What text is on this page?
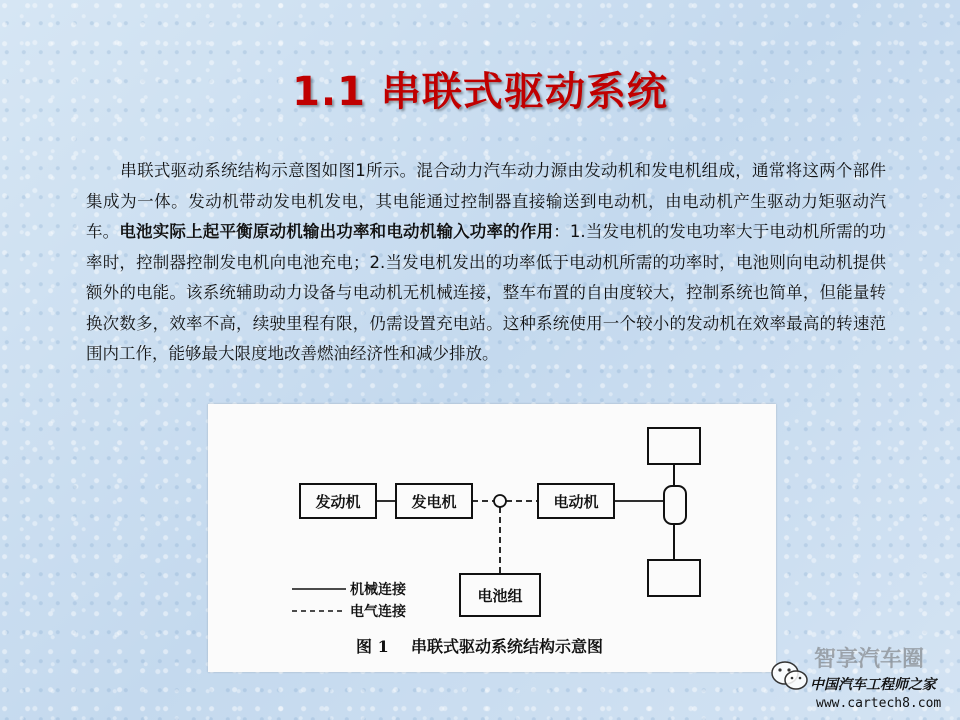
1.1 串联式驱动系统
串联式驱动系统结构示意图如图1所示。混合动力汽车动力源由发动机和发电机组成，通常将这两个部件集成为一体。发动机带动发电机发电，其电能通过控制器直接输送到电动机，由电动机产生驱动力矩驱动汽车。电池实际上起平衡原动机输出功率和电动机输入功率的作用：1.当发电机的发电功率大于电动机所需的功率时，控制器控制发电机向电池充电；2.当发电机发出的功率低于电动机所需的功率时，电池则向电动机提供额外的电能。该系统辅助动力设备与电动机无机械连接，整车布置的自由度较大，控制系统也简单，但能量转换次数多，效率不高，续驶里程有限，仍需设置充电站。这种系统使用一个较小的发动机在效率最高的转速范围内工作，能够最大限度地改善燃油经济性和减少排放。
发动机	发电机	电动机
电池组
机械连接
电气连接
图 1    串联式驱动系统结构示意图
智享汽车圈
中国汽车工程师之家
www.cartech8.com
